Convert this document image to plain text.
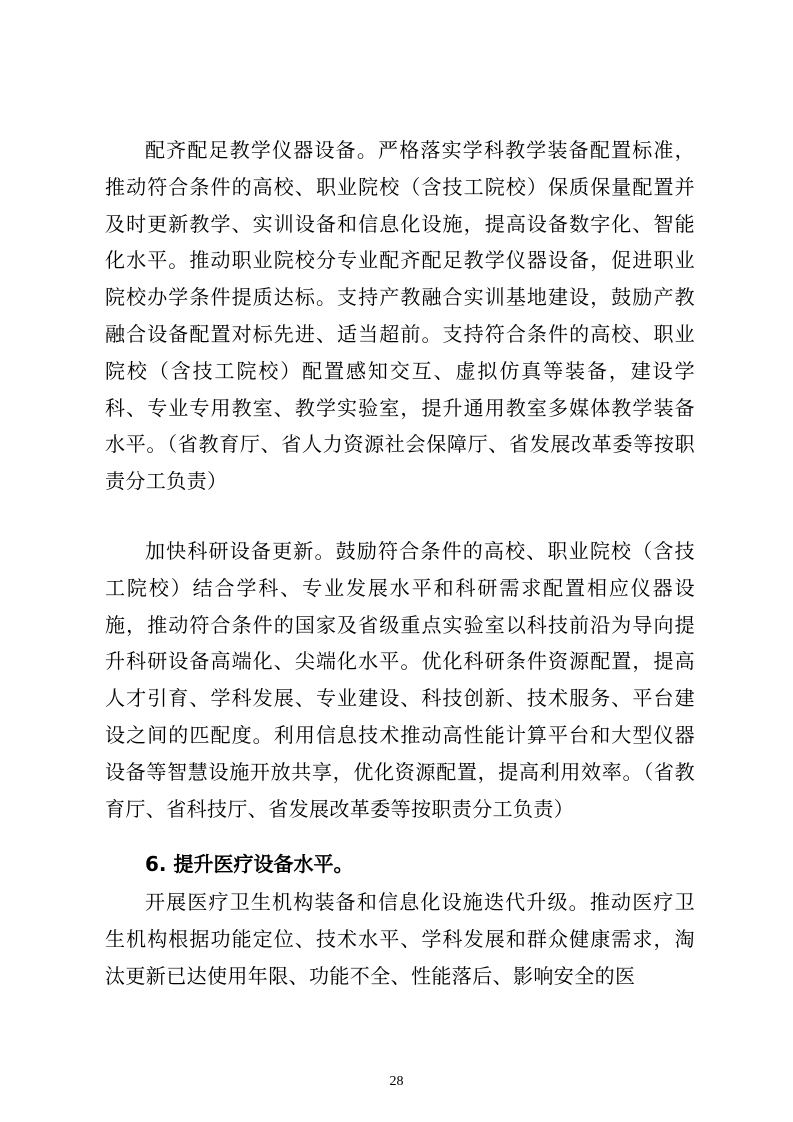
配齐配足教学仪器设备。严格落实学科教学装备配置标准，推动符合条件的高校、职业院校（含技工院校）保质保量配置并及时更新教学、实训设备和信息化设施，提高设备数字化、智能化水平。推动职业院校分专业配齐配足教学仪器设备，促进职业院校办学条件提质达标。支持产教融合实训基地建设，鼓励产教融合设备配置对标先进、适当超前。支持符合条件的高校、职业院校（含技工院校）配置感知交互、虚拟仿真等装备，建设学科、专业专用教室、教学实验室，提升通用教室多媒体教学装备水平。（省教育厅、省人力资源社会保障厅、省发展改革委等按职责分工负责）

加快科研设备更新。鼓励符合条件的高校、职业院校（含技工院校）结合学科、专业发展水平和科研需求配置相应仪器设施，推动符合条件的国家及省级重点实验室以科技前沿为导向提升科研设备高端化、尖端化水平。优化科研条件资源配置，提高人才引育、学科发展、专业建设、科技创新、技术服务、平台建设之间的匹配度。利用信息技术推动高性能计算平台和大型仪器设备等智慧设施开放共享，优化资源配置，提高利用效率。（省教育厅、省科技厅、省发展改革委等按职责分工负责）

6. 提升医疗设备水平。

开展医疗卫生机构装备和信息化设施迭代升级。推动医疗卫生机构根据功能定位、技术水平、学科发展和群众健康需求，淘汰更新已达使用年限、功能不全、性能落后、影响安全的医

28
